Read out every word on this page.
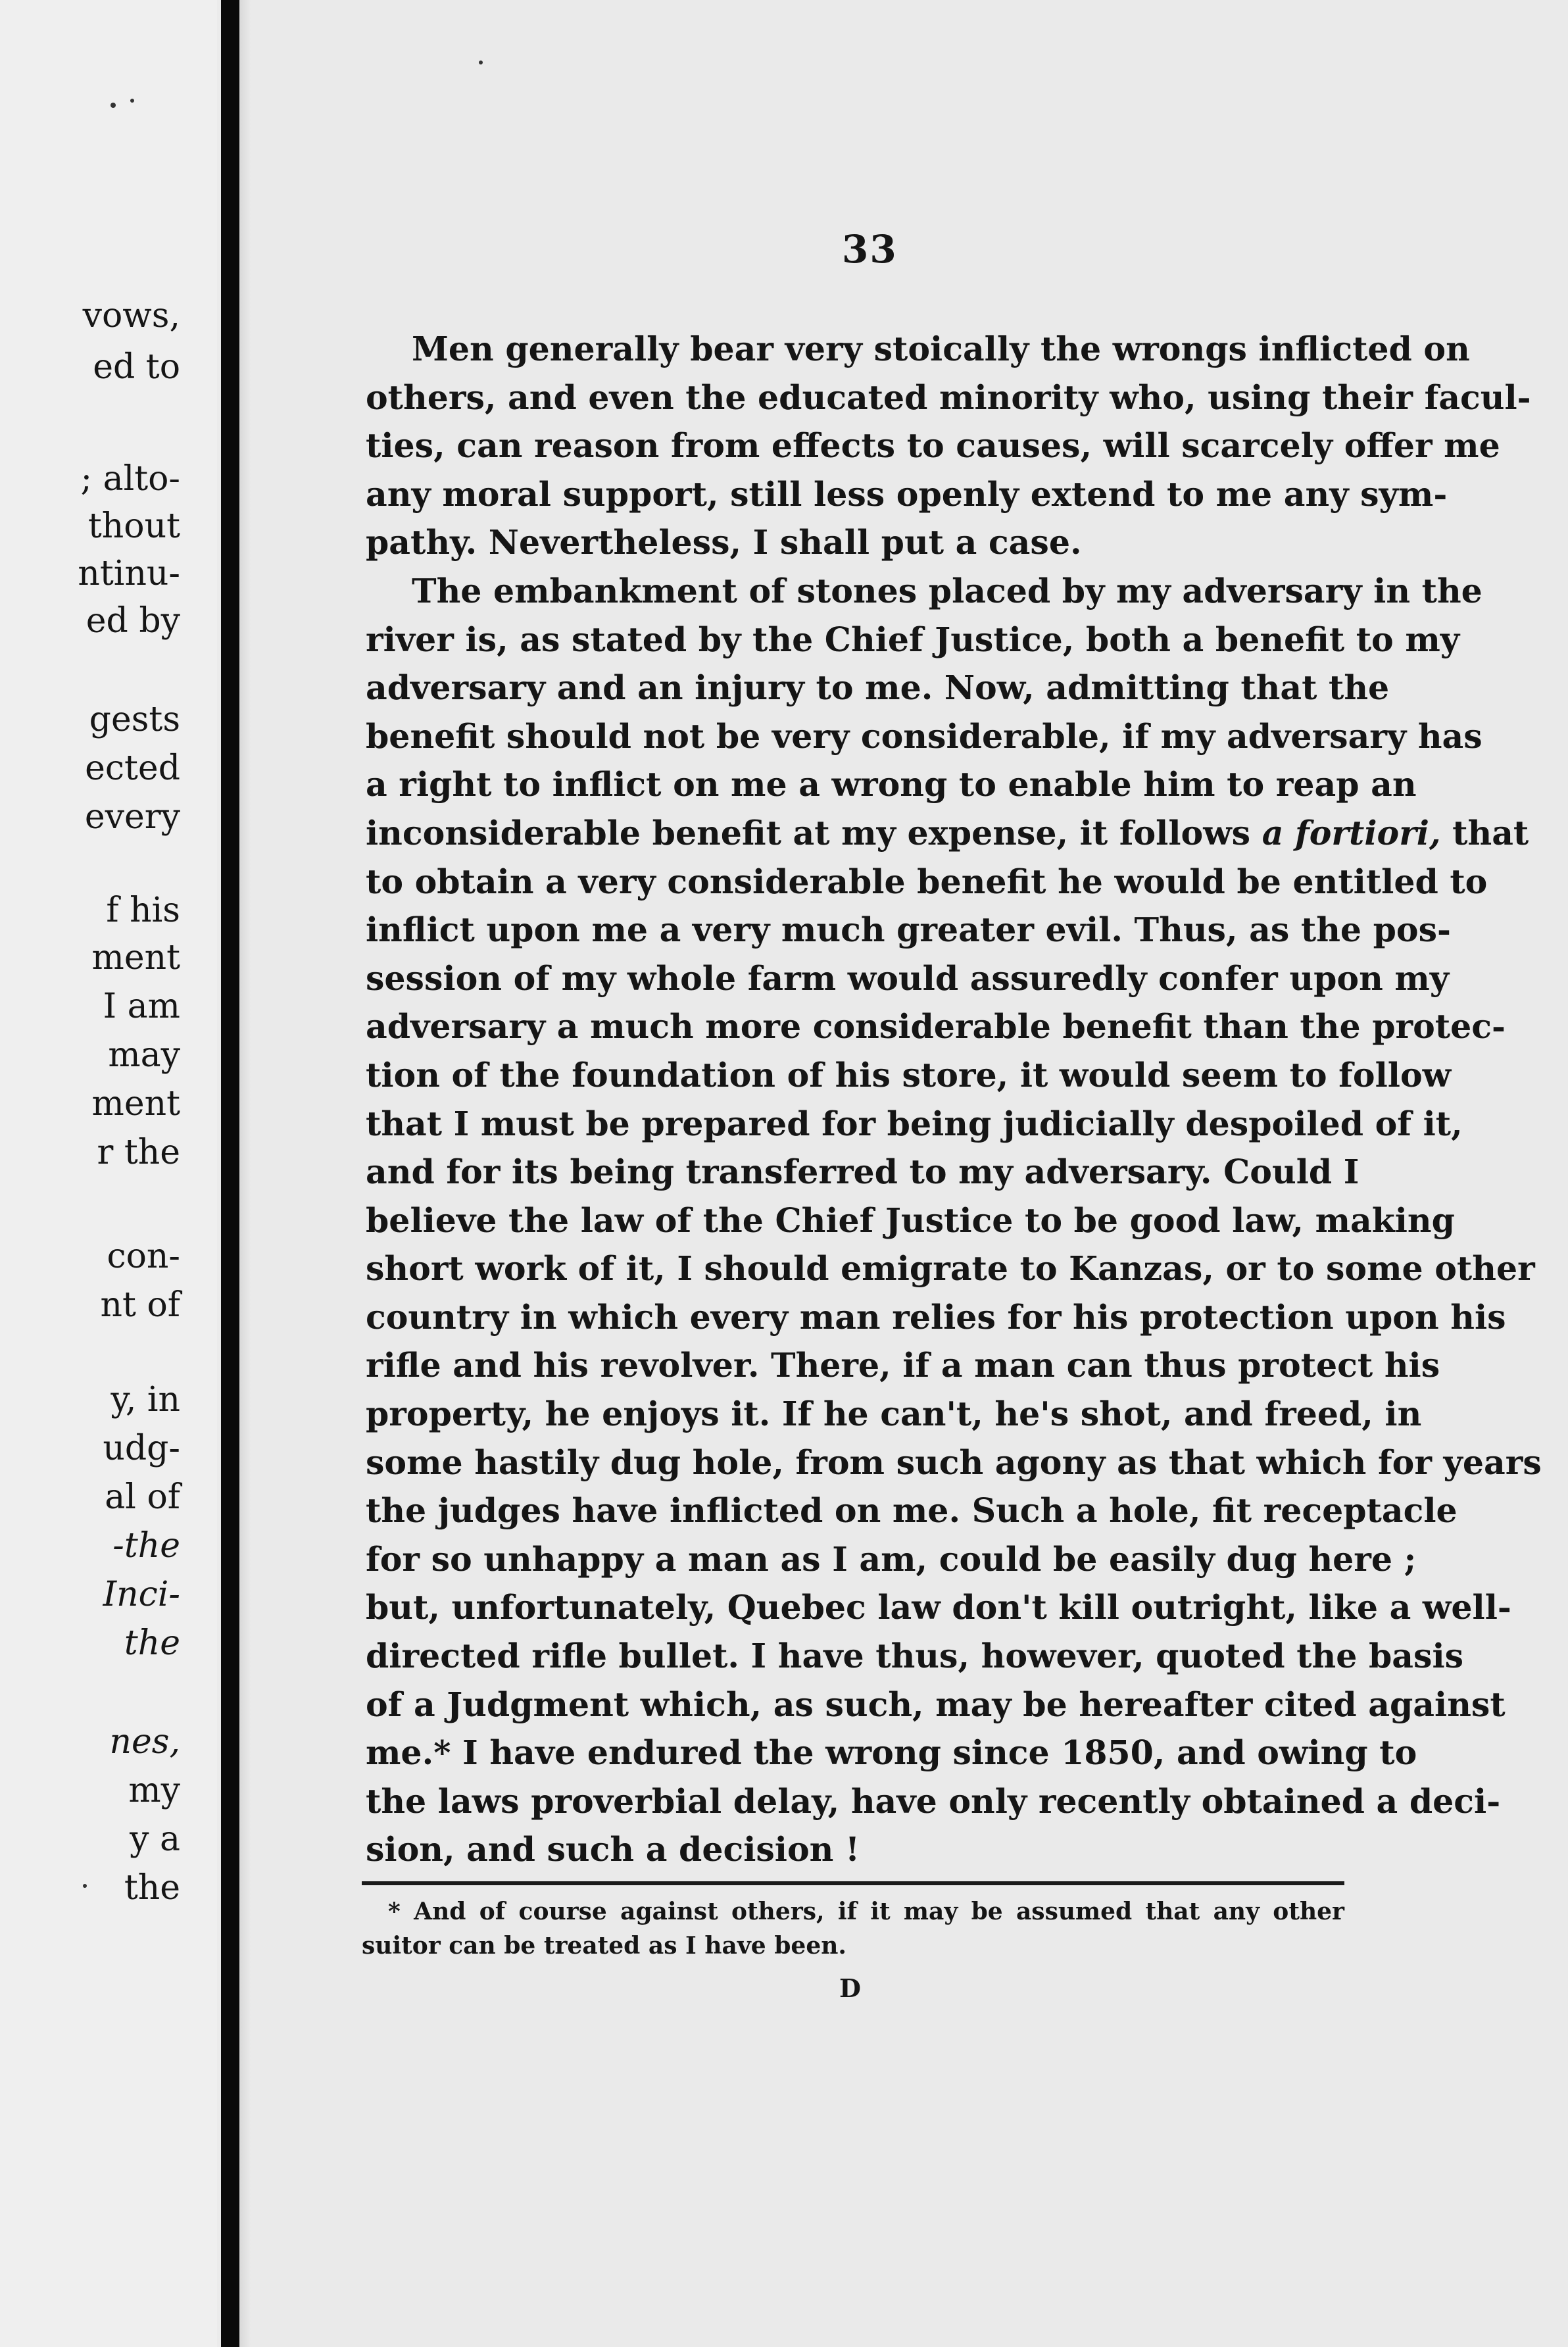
vows,
ed to
; alto-
thout
ntinu-
ed by
gests
ected
every
f his
ment
I am
may
ment
r the
con-
nt of
y, in
udg-
al of
-the
Inci-
the
nes,
my
y a
the
33
Men generally bear very stoically the wrongs inflicted on
others, and even the educated minority who, using their facul-
ties, can reason from effects to causes, will scarcely offer me
any moral support, still less openly extend to me any sym-
pathy. Nevertheless, I shall put a case.
The embankment of stones placed by my adversary in the
river is, as stated by the Chief Justice, both a benefit to my
adversary and an injury to me. Now, admitting that the
benefit should not be very considerable, if my adversary has
a right to inflict on me a wrong to enable him to reap an
inconsiderable benefit at my expense, it follows a fortiori, that
to obtain a very considerable benefit he would be entitled to
inflict upon me a very much greater evil. Thus, as the pos-
session of my whole farm would assuredly confer upon my
adversary a much more considerable benefit than the protec-
tion of the foundation of his store, it would seem to follow
that I must be prepared for being judicially despoiled of it,
and for its being transferred to my adversary. Could I
believe the law of the Chief Justice to be good law, making
short work of it, I should emigrate to Kanzas, or to some other
country in which every man relies for his protection upon his
rifle and his revolver. There, if a man can thus protect his
property, he enjoys it. If he can't, he's shot, and freed, in
some hastily dug hole, from such agony as that which for years
the judges have inflicted on me. Such a hole, fit receptacle
for so unhappy a man as I am, could be easily dug here ;
but, unfortunately, Quebec law don't kill outright, like a well-
directed rifle bullet. I have thus, however, quoted the basis
of a Judgment which, as such, may be hereafter cited against
me.* I have endured the wrong since 1850, and owing to
the laws proverbial delay, have only recently obtained a deci-
sion, and such a decision !
* And of course against others, if it may be assumed that any other
suitor can be treated as I have been.
D
